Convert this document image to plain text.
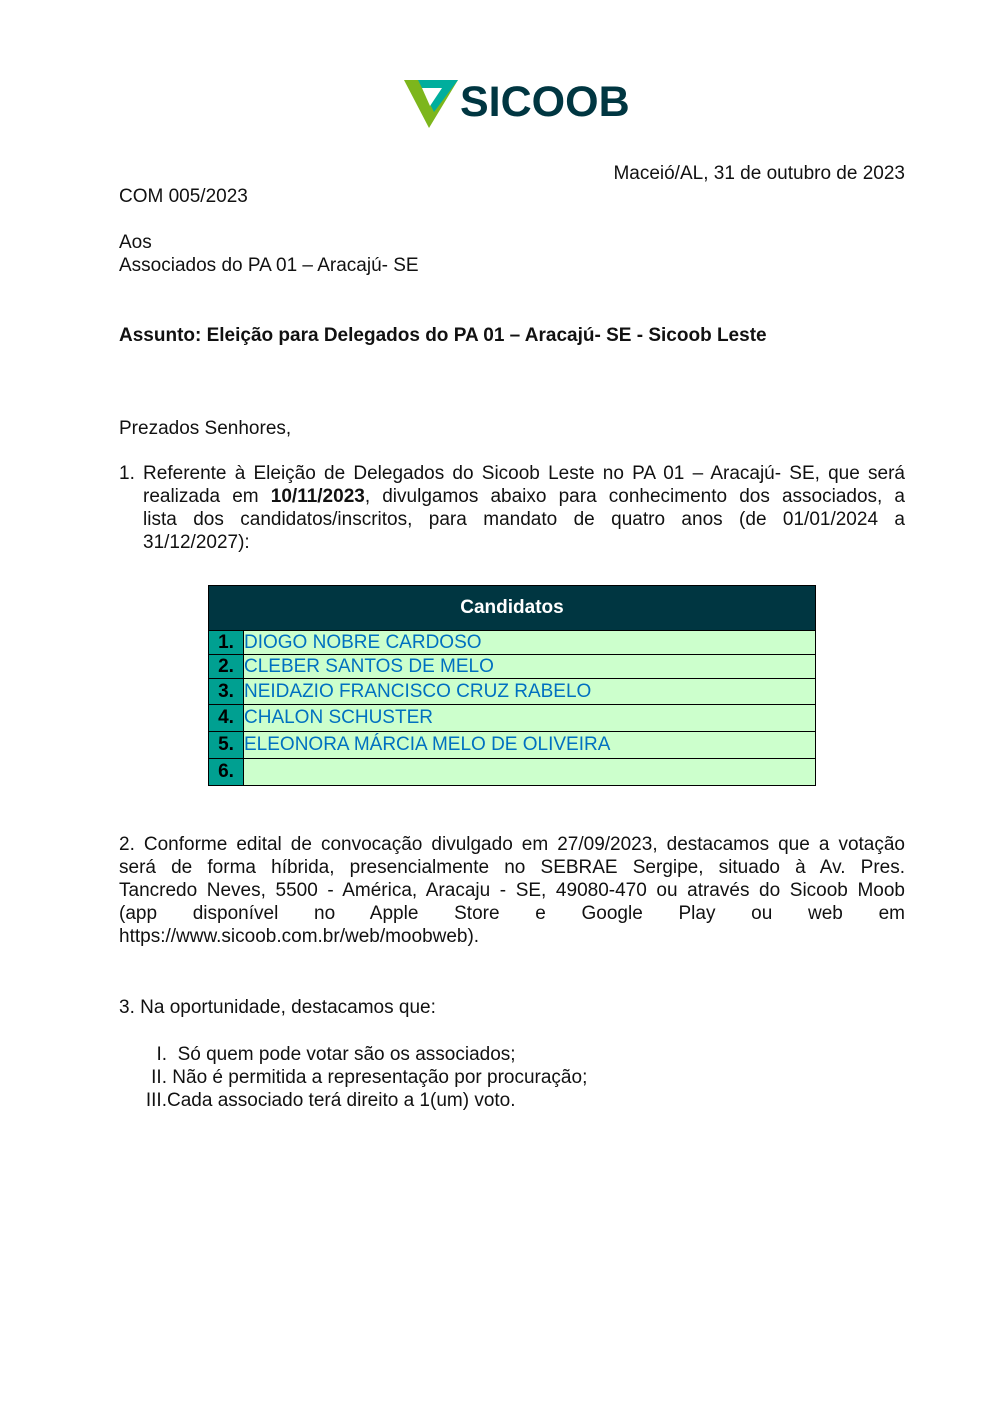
SICOOB
Maceió/AL, 31 de outubro de 2023
COM 005/2023
Aos
Associados do PA 01 – Aracajú- SE
Assunto: Eleição para Delegados do PA 01 – Aracajú- SE - Sicoob Leste
Prezados Senhores,
1. Referente à Eleição de Delegados do Sicoob Leste no PA 01 – Aracajú- SE, que será
realizada em 10/11/2023, divulgamos abaixo para conhecimento dos associados, a
lista dos candidatos/inscritos, para mandato de quatro anos (de 01/01/2024 a
31/12/2027):
Candidatos	
1.	DIOGO NOBRE CARDOSO
2.	CLEBER SANTOS DE MELO
3.	NEIDAZIO FRANCISCO CRUZ RABELO
4.	CHALON SCHUSTER
5.	ELEONORA MÁRCIA MELO DE OLIVEIRA
6.	
2. Conforme edital de convocação divulgado em 27/09/2023, destacamos que a votação
será de forma híbrida, presencialmente no SEBRAE Sergipe, situado à Av. Pres.
Tancredo Neves, 5500 - América, Aracaju - SE, 49080-470 ou através do Sicoob Moob
(app disponível no Apple Store e Google Play ou web em
https://www.sicoob.com.br/web/moobweb).
3. Na oportunidade, destacamos que:
I. Só quem pode votar são os associados;
II. Não é permitida a representação por procuração;
III.Cada associado terá direito a 1(um) voto.
